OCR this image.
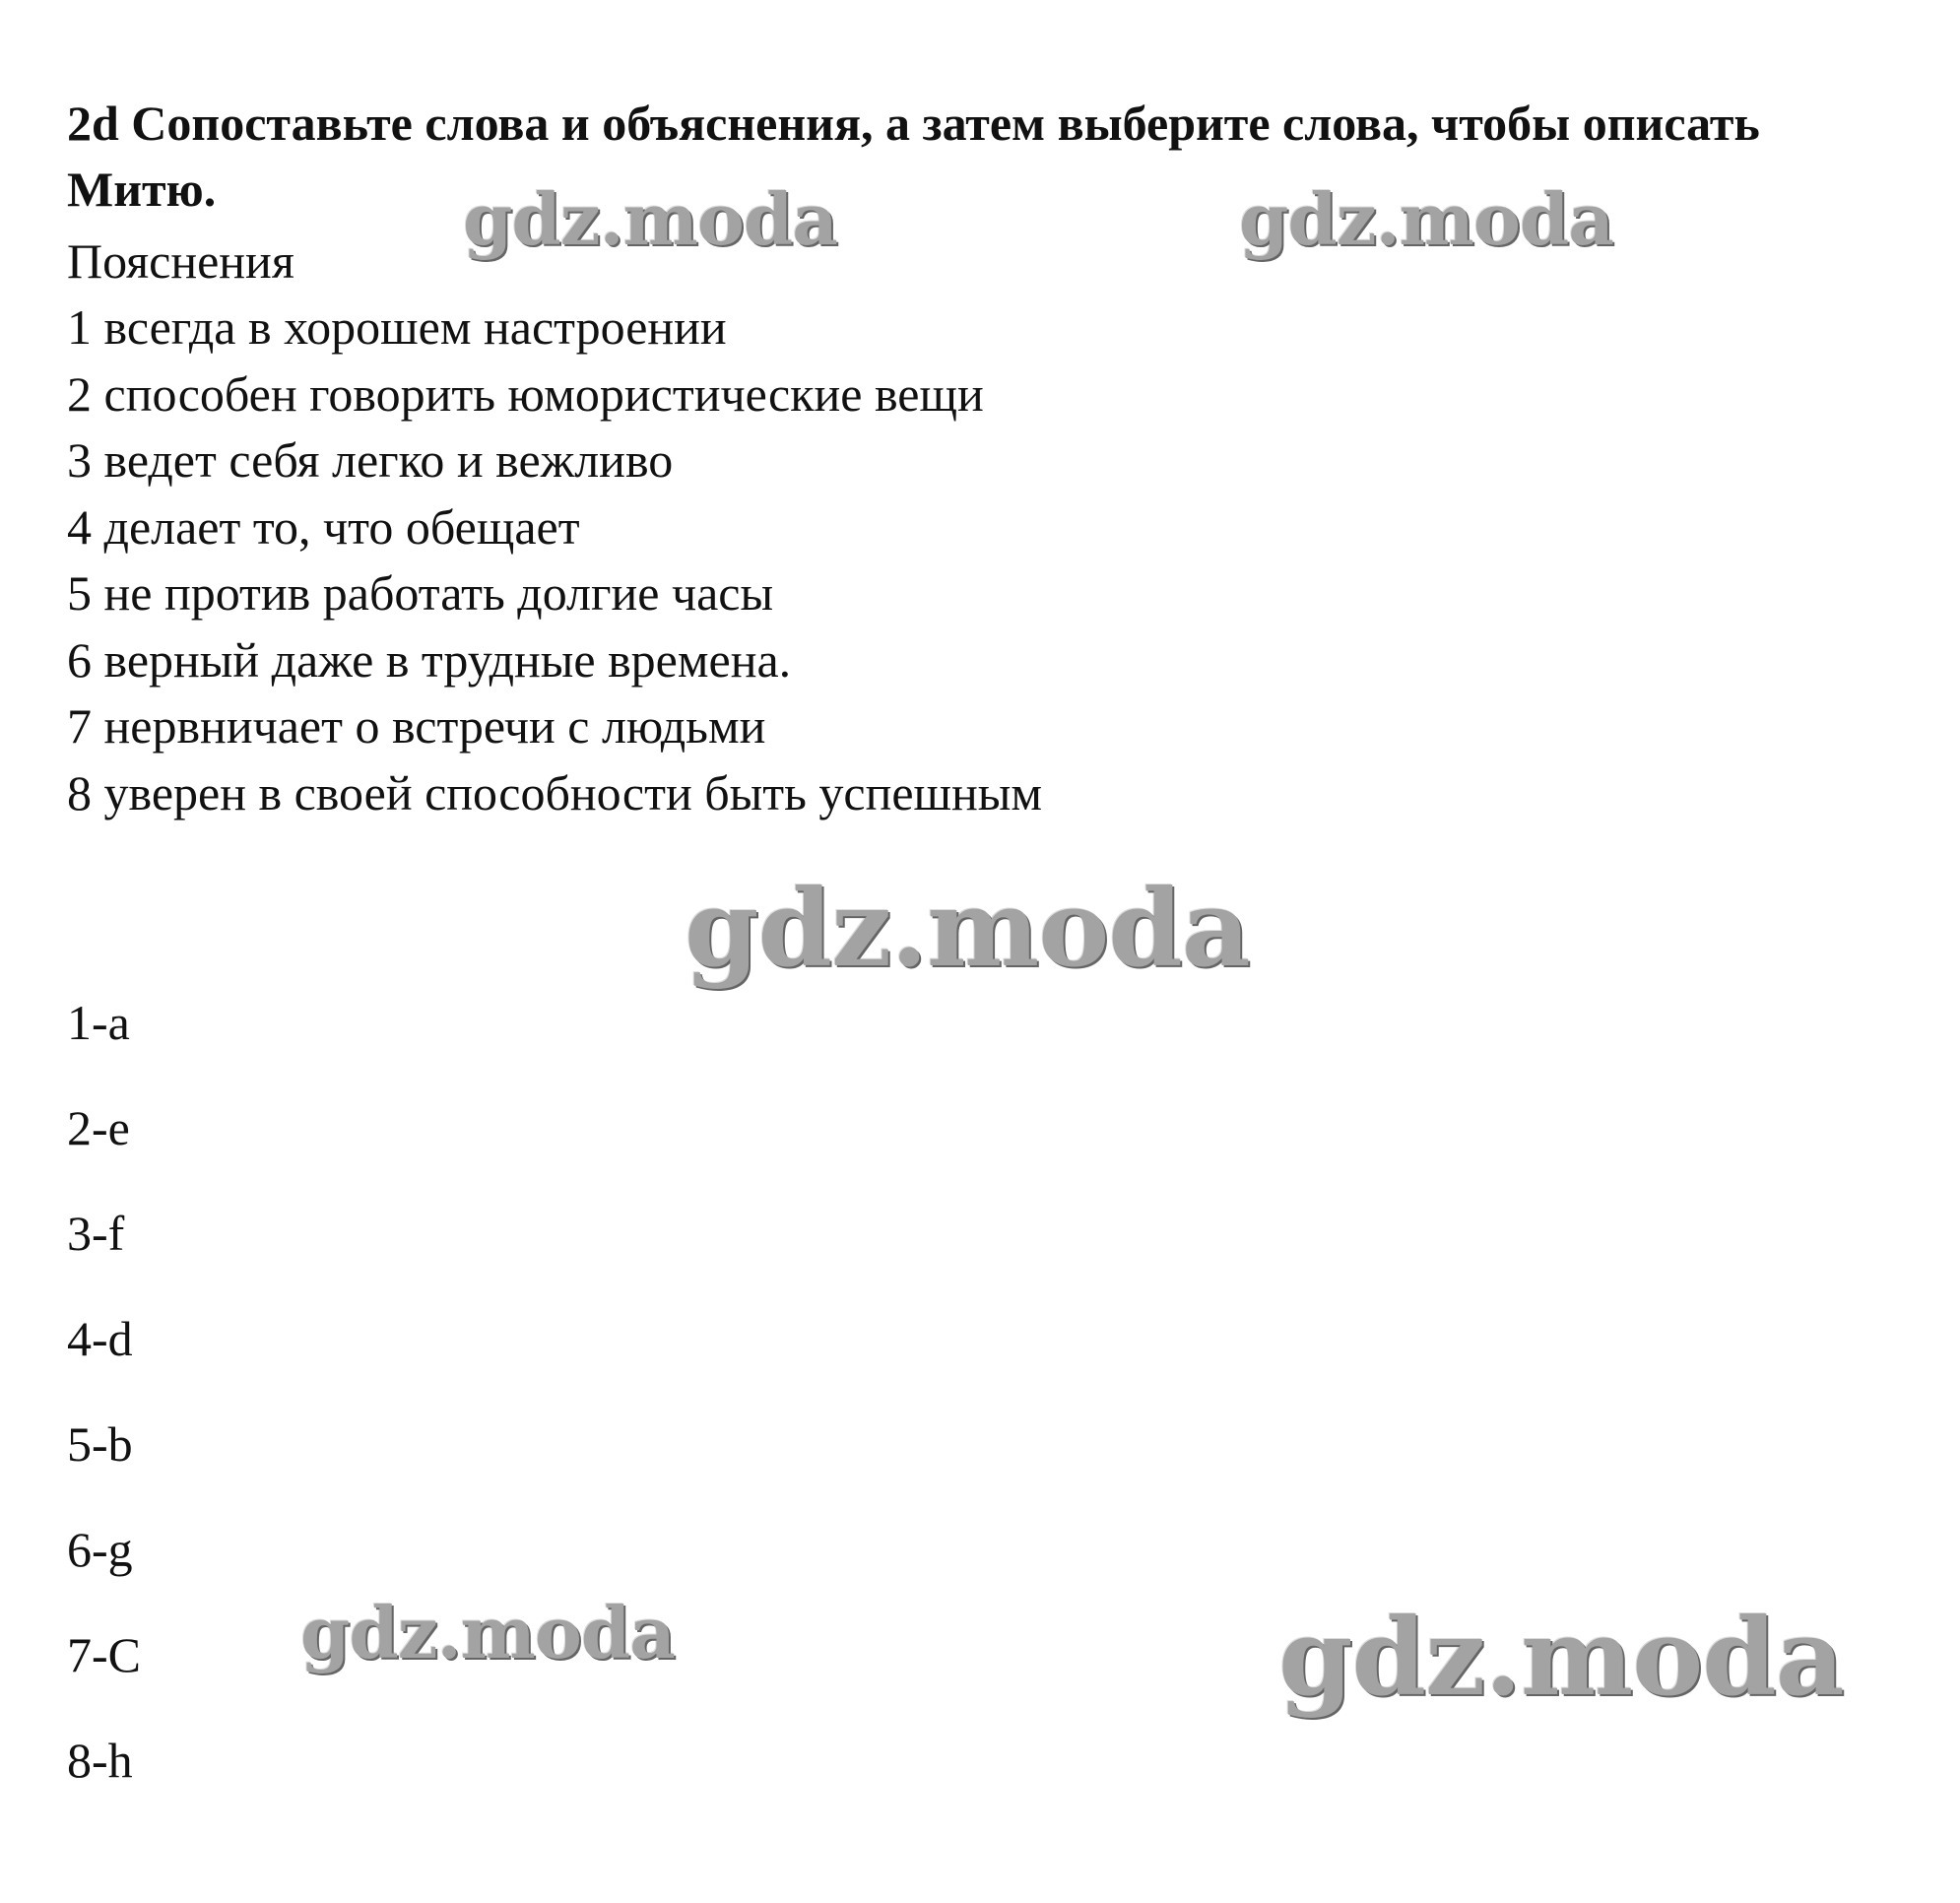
2d Сопоставьте слова и объяснения, а затем выберите слова, чтобы описать Митю.

Пояснения

1 всегда в хорошем настроении
2 способен говорить юмористические вещи
3 ведет себя легко и вежливо
4 делает то, что обещает
5 не против работать долгие часы
6 верный даже в трудные времена.
7 нервничает о встречи с людьми
8 уверен в своей способности быть успешным
1-a
2-e
3-f
4-d
5-b
6-g
7-C
8-h
gdz.moda	gdz.moda
gdz.moda
gdz.moda	gdz.moda
